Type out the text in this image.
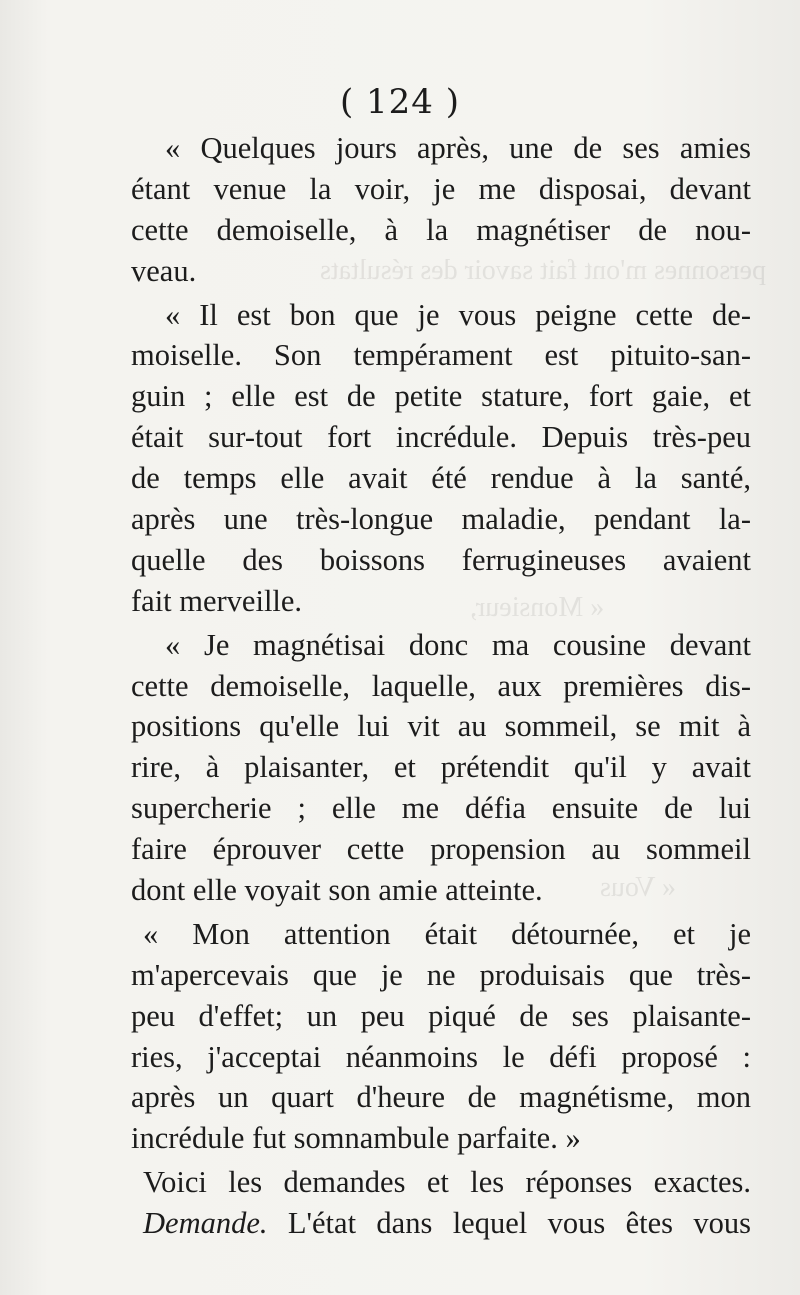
personnes m'ont fait savoir des résultats
« Monsieur,
« Vous
( 124 )
« Quelques jours après, une de ses amies
étant venue la voir, je me disposai, devant
cette demoiselle, à la magnétiser de nou-
veau.
« Il est bon que je vous peigne cette de-
moiselle. Son tempérament est pituito-san-
guin ; elle est de petite stature, fort gaie, et
était sur-tout fort incrédule. Depuis très-peu
de temps elle avait été rendue à la santé,
après une très-longue maladie, pendant la-
quelle des boissons ferrugineuses avaient
fait merveille.
« Je magnétisai donc ma cousine devant
cette demoiselle, laquelle, aux premières dis-
positions qu'elle lui vit au sommeil, se mit à
rire, à plaisanter, et prétendit qu'il y avait
supercherie ; elle me défia ensuite de lui
faire éprouver cette propension au sommeil
dont elle voyait son amie atteinte.
« Mon attention était détournée, et je
m'apercevais que je ne produisais que très-
peu d'effet; un peu piqué de ses plaisante-
ries, j'acceptai néanmoins le défi proposé :
après un quart d'heure de magnétisme, mon
incrédule fut somnambule parfaite. »
Voici les demandes et les réponses exactes.
Demande. L'état dans lequel vous êtes vous
